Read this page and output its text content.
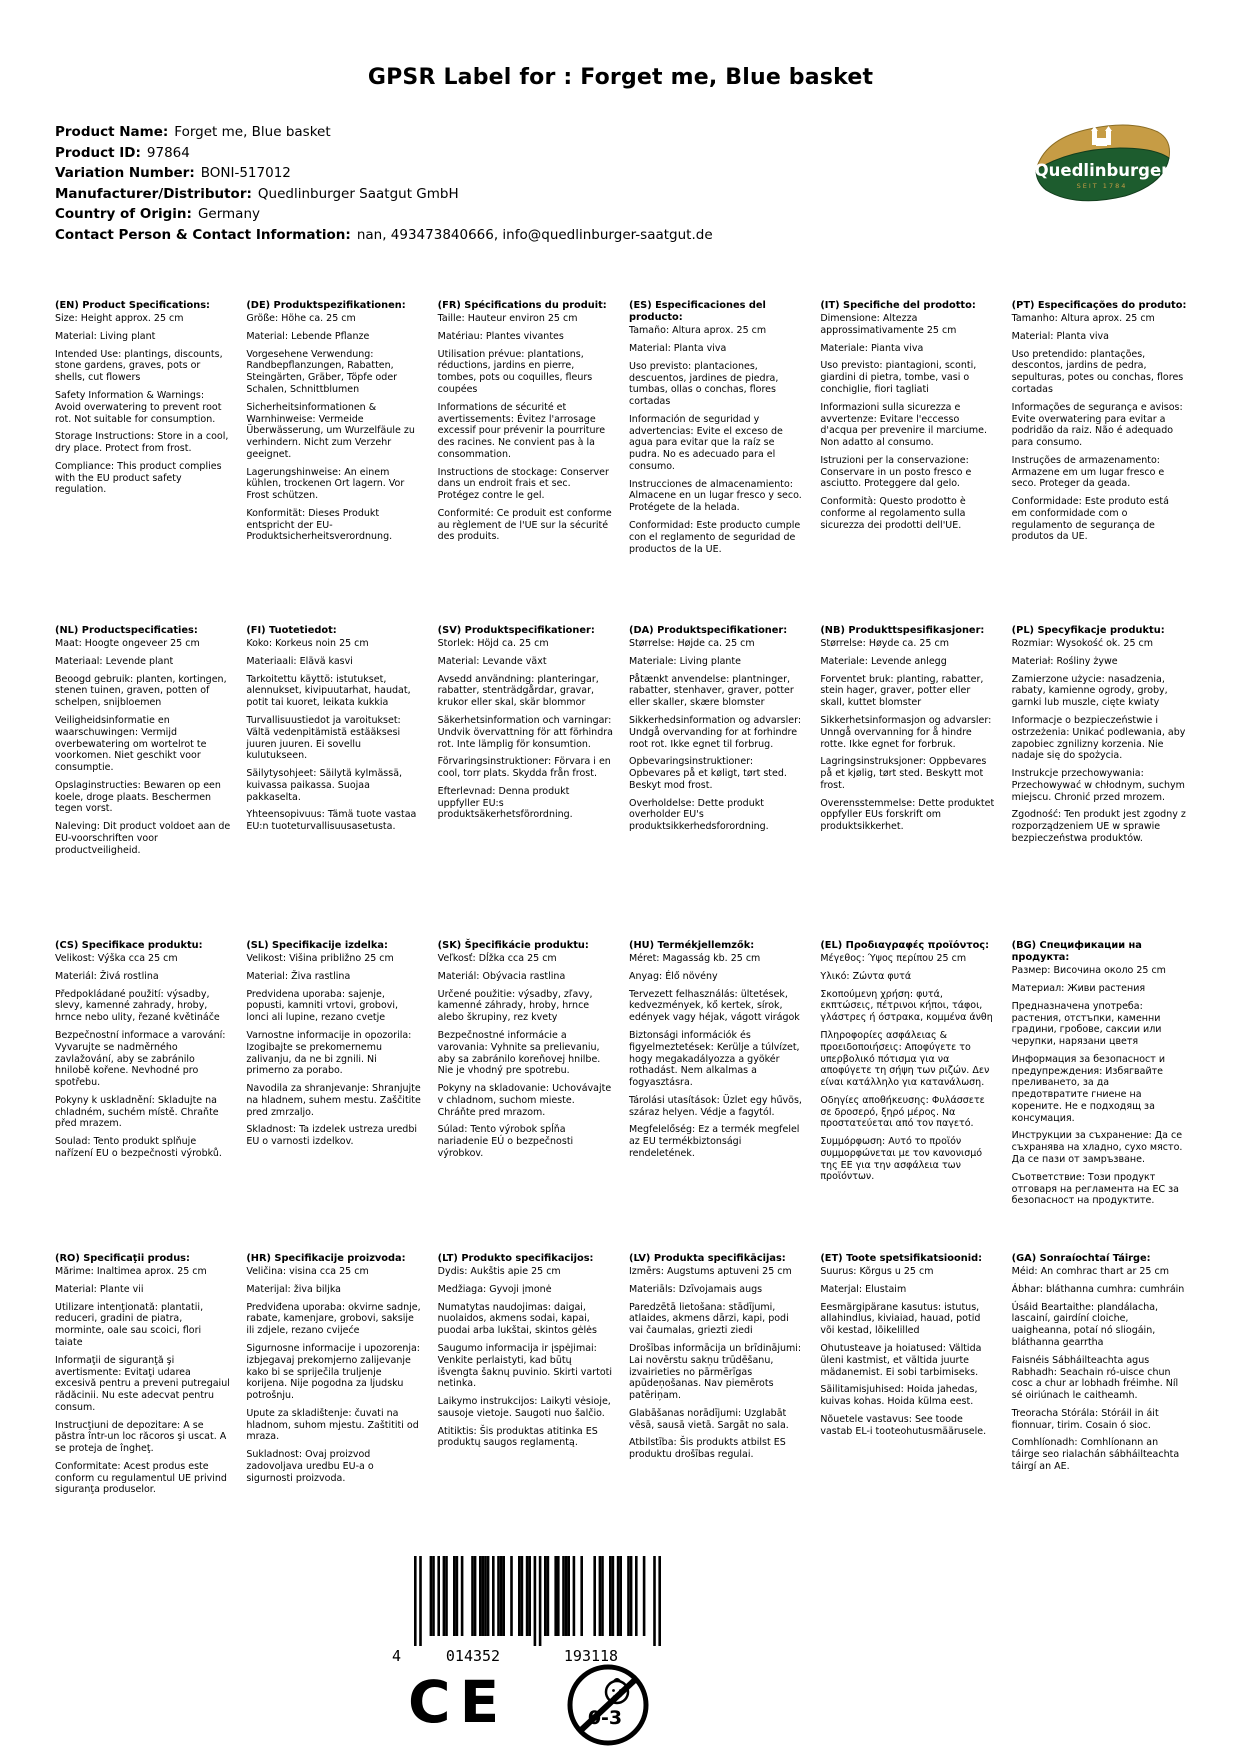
GPSR Label for : Forget me, Blue basket
Quedlinburger
SEIT 1784
Product Name: Forget me, Blue basket
Product ID: 97864
Variation Number: BONI-517012
Manufacturer/Distributor: Quedlinburger Saatgut GmbH
Country of Origin: Germany
Contact Person & Contact Information: nan, 493473840666, info@quedlinburger-saatgut.de
(EN) Product Specifications:

Size: Height approx. 25 cm

Material: Living plant

Intended Use: plantings, discounts, stone gardens, graves, pots or shells, cut flowers

Safety Information & Warnings: Avoid overwatering to prevent root rot. Not suitable for consumption.

Storage Instructions: Store in a cool, dry place. Protect from frost.

Compliance: This product complies with the EU product safety regulation.

(DE) Produktspezifikationen:

Größe: Höhe ca. 25 cm

Material: Lebende Pflanze

Vorgesehene Verwendung: Randbepflanzungen, Rabatten, Steingärten, Gräber, Töpfe oder Schalen, Schnittblumen

Sicherheitsinformationen & Warnhinweise: Vermeide Überwässerung, um Wurzelfäule zu verhindern. Nicht zum Verzehr geeignet.

Lagerungshinweise: An einem kühlen, trockenen Ort lagern. Vor Frost schützen.

Konformität: Dieses Produkt entspricht der EU-Produktsicherheitsverordnung.

(FR) Spécifications du produit:

Taille: Hauteur environ 25 cm

Matériau: Plantes vivantes

Utilisation prévue: plantations, réductions, jardins en pierre, tombes, pots ou coquilles, fleurs coupées

Informations de sécurité et avertissements: Évitez l'arrosage excessif pour prévenir la pourriture des racines. Ne convient pas à la consommation.

Instructions de stockage: Conserver dans un endroit frais et sec. Protégez contre le gel.

Conformité: Ce produit est conforme au règlement de l'UE sur la sécurité des produits.

(ES) Especificaciones del producto:

Tamaño: Altura aprox. 25 cm

Material: Planta viva

Uso previsto: plantaciones, descuentos, jardines de piedra, tumbas, ollas o conchas, flores cortadas

Información de seguridad y advertencias: Evite el exceso de agua para evitar que la raíz se pudra. No es adecuado para el consumo.

Instrucciones de almacenamiento: Almacene en un lugar fresco y seco. Protégete de la helada.

Conformidad: Este producto cumple con el reglamento de seguridad de productos de la UE.

(IT) Specifiche del prodotto:

Dimensione: Altezza approssimativamente 25 cm

Materiale: Pianta viva

Uso previsto: piantagioni, sconti, giardini di pietra, tombe, vasi o conchiglie, fiori tagliati

Informazioni sulla sicurezza e avvertenze: Evitare l'eccesso d'acqua per prevenire il marciume. Non adatto al consumo.

Istruzioni per la conservazione: Conservare in un posto fresco e asciutto. Proteggere dal gelo.

Conformità: Questo prodotto è conforme al regolamento sulla sicurezza dei prodotti dell'UE.

(PT) Especificações do produto:

Tamanho: Altura aprox. 25 cm

Material: Planta viva

Uso pretendido: plantações, descontos, jardins de pedra, sepulturas, potes ou conchas, flores cortadas

Informações de segurança e avisos: Evite overwatering para evitar a podridão da raiz. Não é adequado para consumo.

Instruções de armazenamento: Armazene em um lugar fresco e seco. Proteger da geada.

Conformidade: Este produto está em conformidade com o regulamento de segurança de produtos da UE.

(NL) Productspecificaties:

Maat: Hoogte ongeveer 25 cm

Materiaal: Levende plant

Beoogd gebruik: planten, kortingen, stenen tuinen, graven, potten of schelpen, snijbloemen

Veiligheidsinformatie en waarschuwingen: Vermijd overbewatering om wortelrot te voorkomen. Niet geschikt voor consumptie.

Opslaginstructies: Bewaren op een koele, droge plaats. Beschermen tegen vorst.

Naleving: Dit product voldoet aan de EU-voorschriften voor productveiligheid.

(FI) Tuotetiedot:

Koko: Korkeus noin 25 cm

Materiaali: Elävä kasvi

Tarkoitettu käyttö: istutukset, alennukset, kivipuutarhat, haudat, potit tai kuoret, leikata kukkia

Turvallisuustiedot ja varoitukset: Vältä vedenpitämistä estääksesi juuren juuren. Ei sovellu kulutukseen.

Säilytysohjeet: Säilytä kylmässä, kuivassa paikassa. Suojaa pakkaselta.

Yhteensopivuus: Tämä tuote vastaa EU:n tuoteturvallisuusasetusta.

(SV) Produktspecifikationer:

Storlek: Höjd ca. 25 cm

Material: Levande växt

Avsedd användning: planteringar, rabatter, stenträdgårdar, gravar, krukor eller skal, skär blommor

Säkerhetsinformation och varningar: Undvik övervattning för att förhindra rot. Inte lämplig för konsumtion.

Förvaringsinstruktioner: Förvara i en cool, torr plats. Skydda från frost.

Efterlevnad: Denna produkt uppfyller EU:s produktsäkerhetsförordning.

(DA) Produktspecifikationer:

Størrelse: Højde ca. 25 cm

Materiale: Living plante

Påtænkt anvendelse: plantninger, rabatter, stenhaver, graver, potter eller skaller, skære blomster

Sikkerhedsinformation og advarsler: Undgå overvanding for at forhindre root rot. Ikke egnet til forbrug.

Opbevaringsinstruktioner: Opbevares på et køligt, tørt sted. Beskyt mod frost.

Overholdelse: Dette produkt overholder EU's produktsikkerhedsforordning.

(NB) Produkttspesifikasjoner:

Størrelse: Høyde ca. 25 cm

Materiale: Levende anlegg

Forventet bruk: planting, rabatter, stein hager, graver, potter eller skall, kuttet blomster

Sikkerhetsinformasjon og advarsler: Unngå overvanning for å hindre rotte. Ikke egnet for forbruk.

Lagringsinstruksjoner: Oppbevares på et kjølig, tørt sted. Beskytt mot frost.

Overensstemmelse: Dette produktet oppfyller EUs forskrift om produktsikkerhet.

(PL) Specyfikacje produktu:

Rozmiar: Wysokość ok. 25 cm

Materiał: Rośliny żywe

Zamierzone użycie: nasadzenia, rabaty, kamienne ogrody, groby, garnki lub muszle, cięte kwiaty

Informacje o bezpieczeństwie i ostrzeżenia: Unikać podlewania, aby zapobiec zgnilizny korzenia. Nie nadaje się do spożycia.

Instrukcje przechowywania: Przechowywać w chłodnym, suchym miejscu. Chronić przed mrozem.

Zgodność: Ten produkt jest zgodny z rozporządzeniem UE w sprawie bezpieczeństwa produktów.

(CS) Specifikace produktu:

Velikost: Výška cca 25 cm

Materiál: Živá rostlina

Předpokládané použití: výsadby, slevy, kamenné zahrady, hroby, hrnce nebo ulity, řezané květináče

Bezpečnostní informace a varování: Vyvarujte se nadměrného zavlažování, aby se zabránilo hnilobě kořene. Nevhodné pro spotřebu.

Pokyny k uskladnění: Skladujte na chladném, suchém místě. Chraňte před mrazem.

Soulad: Tento produkt splňuje nařízení EU o bezpečnosti výrobků.

(SL) Specifikacije izdelka:

Velikost: Višina približno 25 cm

Material: Živa rastlina

Predvidena uporaba: sajenje, popusti, kamniti vrtovi, grobovi, lonci ali lupine, rezano cvetje

Varnostne informacije in opozorila: Izogibajte se prekomernemu zalivanju, da ne bi zgnili. Ni primerno za porabo.

Navodila za shranjevanje: Shranjujte na hladnem, suhem mestu. Zaščitite pred zmrzaljo.

Skladnost: Ta izdelek ustreza uredbi EU o varnosti izdelkov.

(SK) Špecifikácie produktu:

Veľkosť: Dĺžka cca 25 cm

Materiál: Obývacia rastlina

Určené použitie: výsadby, zľavy, kamenné záhrady, hroby, hrnce alebo škrupiny, rez kvety

Bezpečnostné informácie a varovania: Vyhnite sa prelievaniu, aby sa zabránilo koreňovej hnilbe. Nie je vhodný pre spotrebu.

Pokyny na skladovanie: Uchovávajte v chladnom, suchom mieste. Chráňte pred mrazom.

Súlad: Tento výrobok spĺňa nariadenie EÚ o bezpečnosti výrobkov.

(HU) Termékjellemzők:

Méret: Magasság kb. 25 cm

Anyag: Élő növény

Tervezett felhasználás: ültetések, kedvezmények, kő kertek, sírok, edények vagy héjak, vágott virágok

Biztonsági információk és figyelmeztetések: Kerülje a túlvízet, hogy megakadályozza a gyökér rothadást. Nem alkalmas a fogyasztásra.

Tárolási utasítások: Üzlet egy hűvös, száraz helyen. Védje a fagytól.

Megfelelőség: Ez a termék megfelel az EU termékbiztonsági rendeletének.

(EL) Προδιαγραφές προϊόντος:

Μέγεθος: Ύψος περίπου 25 cm

Υλικό: Ζώντα φυτά

Σκοπούμενη χρήση: φυτά, εκπτώσεις, πέτρινοι κήποι, τάφοι, γλάστρες ή όστρακα, κομμένα άνθη

Πληροφορίες ασφάλειας & προειδοποιήσεις: Αποφύγετε το υπερβολικό πότισμα για να αποφύγετε τη σήψη των ριζών. Δεν είναι κατάλληλο για κατανάλωση.

Οδηγίες αποθήκευσης: Φυλάσσετε σε δροσερό, ξηρό μέρος. Να προστατεύεται από τον παγετό.

Συμμόρφωση: Αυτό το προϊόν συμμορφώνεται με τον κανονισμό της ΕΕ για την ασφάλεια των προϊόντων.

(BG) Спецификации на продукта:

Размер: Височина около 25 cm

Материал: Живи растения

Предназначена употреба: растения, отстъпки, каменни градини, гробове, саксии или черупки, нарязани цветя

Информация за безопасност и предупреждения: Избягвайте преливането, за да предотвратите гниене на корените. Не е подходящ за консумация.

Инструкции за съхранение: Да се съхранява на хладно, сухо място. Да се пази от замръзване.

Съответствие: Този продукт отговаря на регламента на ЕС за безопасност на продуктите.

(RO) Specificaţii produs:

Mărime: Inaltimea aprox. 25 cm

Material: Plante vii

Utilizare intenţionată: plantatii, reduceri, gradini de piatra, morminte, oale sau scoici, flori taiate

Informaţii de siguranţă şi avertismente: Evitaţi udarea excesivă pentru a preveni putregaiul rădăcinii. Nu este adecvat pentru consum.

Instrucţiuni de depozitare: A se păstra într-un loc răcoros şi uscat. A se proteja de îngheţ.

Conformitate: Acest produs este conform cu regulamentul UE privind siguranţa produselor.

(HR) Specifikacije proizvoda:

Veličina: visina cca 25 cm

Materijal: živa biljka

Predviđena uporaba: okvirne sadnje, rabate, kamenjare, grobovi, saksije ili zdjele, rezano cvijeće

Sigurnosne informacije i upozorenja: izbjegavaj prekomjerno zalijevanje kako bi se spriječila truljenje korijena. Nije pogodna za ljudsku potrošnju.

Upute za skladištenje: čuvati na hladnom, suhom mjestu. Zaštititi od mraza.

Sukladnost: Ovaj proizvod zadovoljava uredbu EU-a o sigurnosti proizvoda.

(LT) Produkto specifikacijos:

Dydis: Aukštis apie 25 cm

Medžiaga: Gyvoji įmonė

Numatytas naudojimas: daigai, nuolaidos, akmens sodai, kapai, puodai arba lukštai, skintos gėlės

Saugumo informacija ir įspėjimai: Venkite perlaistyti, kad būtų išvengta šaknų puvinio. Skirti vartoti netinka.

Laikymo instrukcijos: Laikyti vėsioje, sausoje vietoje. Saugoti nuo šalčio.

Atitiktis: Šis produktas atitinka ES produktų saugos reglamentą.

(LV) Produkta specifikācijas:

Izmērs: Augstums aptuveni 25 cm

Materiāls: Dzīvojamais augs

Paredzētā lietošana: stādījumi, atlaides, akmens dārzi, kapi, podi vai čaumalas, griezti ziedi

Drošības informācija un brīdinājumi: Lai novērstu sakņu trūdēšanu, izvairieties no pārmērīgas apūdeņošanas. Nav piemērots patēriņam.

Glabāšanas norādījumi: Uzglabāt vēsā, sausā vietā. Sargāt no sala.

Atbilstība: Šis produkts atbilst ES produktu drošības regulai.

(ET) Toote spetsifikatsioonid:

Suurus: Kõrgus u 25 cm

Materjal: Elustaim

Eesmärgipärane kasutus: istutus, allahindlus, kiviaiad, hauad, potid või kestad, lõikelilled

Ohutusteave ja hoiatused: Vältida üleni kastmist, et vältida juurte mädanemist. Ei sobi tarbimiseks.

Säilitamisjuhised: Hoida jahedas, kuivas kohas. Hoida külma eest.

Nõuetele vastavus: See toode vastab EL-i tooteohutusmäärusele.

(GA) Sonraíochtaí Táirge:

Méid: An comhrac thart ar 25 cm

Ábhar: bláthanna cumhra: cumhráin

Úsáid Beartaithe: plandálacha, lascainí, gairdíní cloiche, uaigheanna, potaí nó sliogáin, bláthanna gearrtha

Faisnéis Sábháilteachta agus Rabhadh: Seachain ró-uisce chun cosc a chur ar lobhadh fréimhe. Níl sé oiriúnach le caitheamh.

Treoracha Stórála: Stóráil in áit fionnuar, tirim. Cosain ó sioc.

Comhlíonadh: Comhlíonann an táirge seo rialachán sábháilteachta táirgí an AE.

4	014352	193118
CE	0-3
